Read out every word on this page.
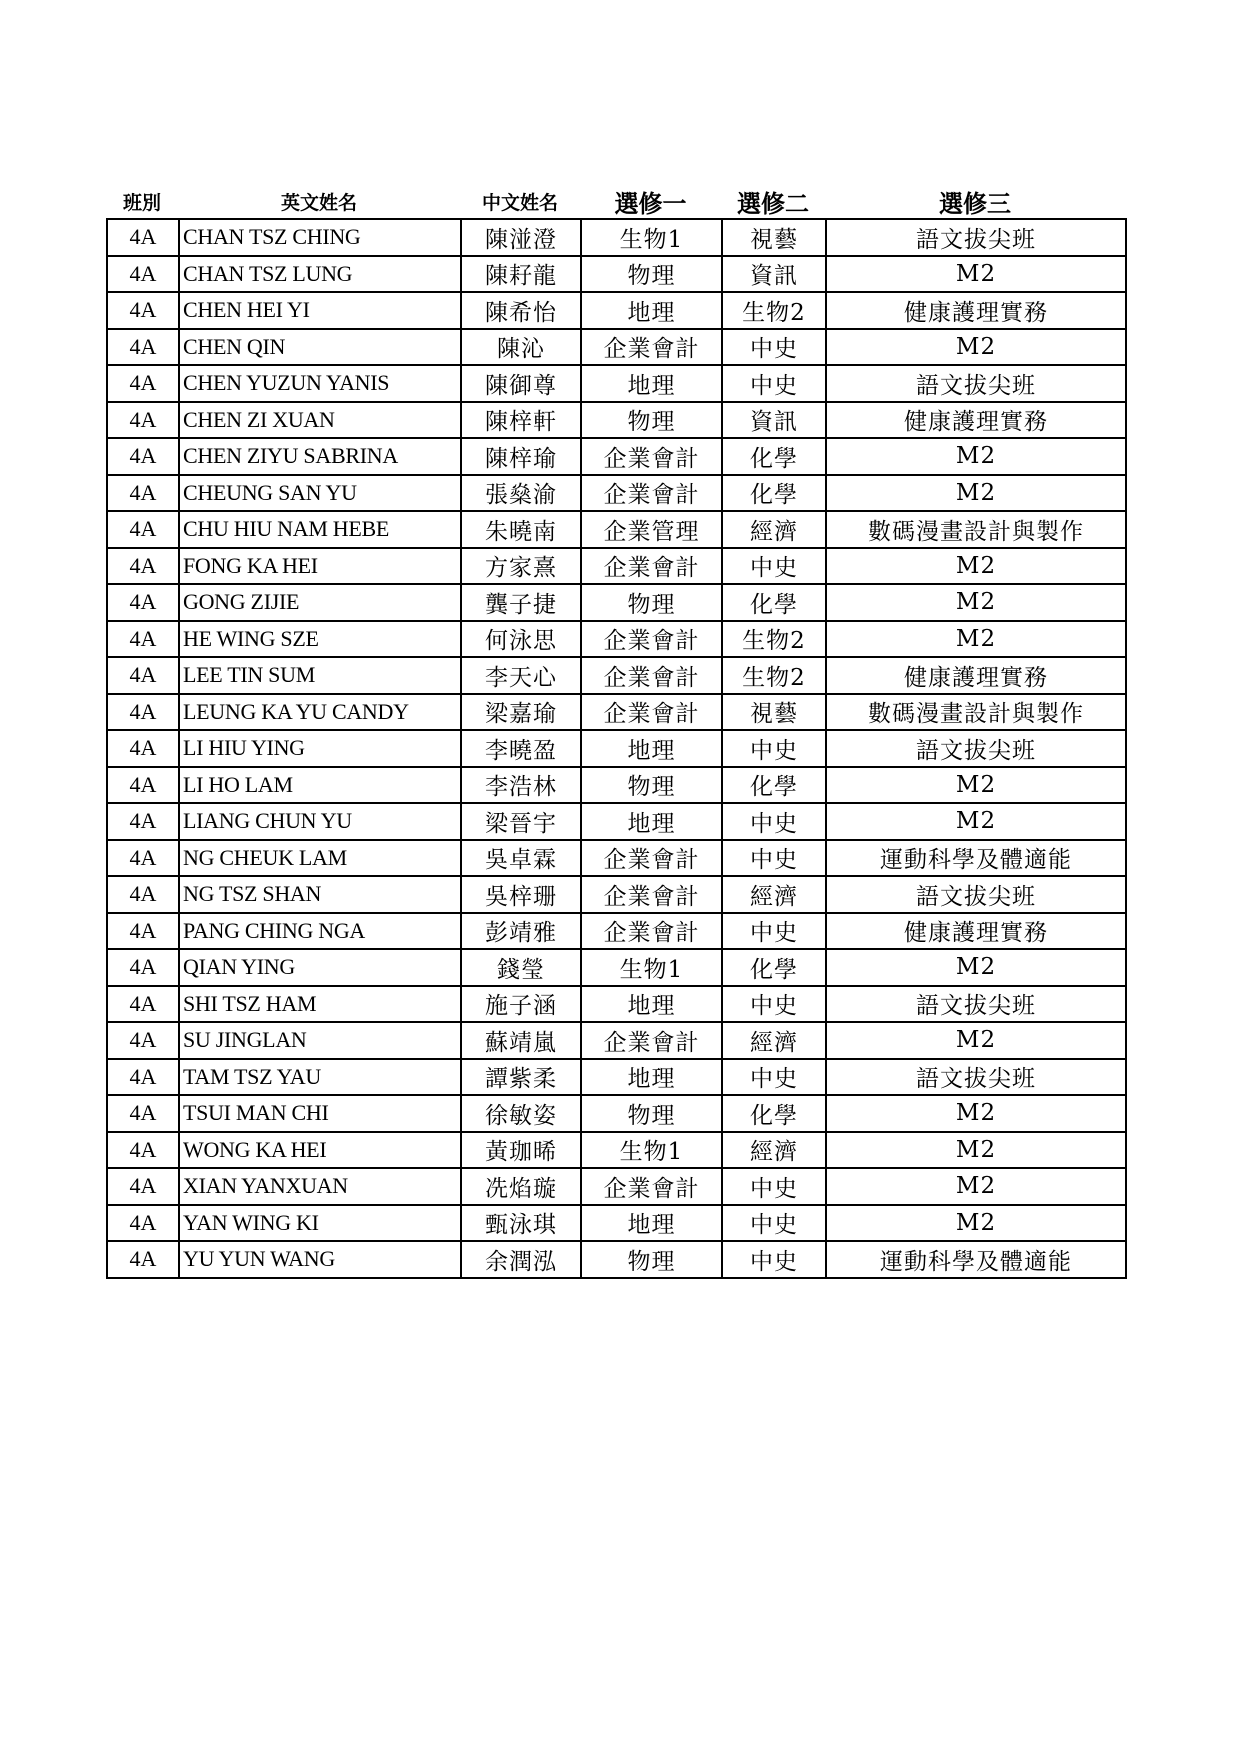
班別	英文姓名	中文姓名	選修一	選修二	選修三
4A	CHAN TSZ CHING	陳湴澄	生物1	視藝	語文拔尖班
4A	CHAN TSZ LUNG	陳耔龍	物理	資訊	M2
4A	CHEN HEI YI	陳希怡	地理	生物2	健康護理實務
4A	CHEN QIN	陳沁	企業會計	中史	M2
4A	CHEN YUZUN YANIS	陳御尊	地理	中史	語文拔尖班
4A	CHEN ZI XUAN	陳梓軒	物理	資訊	健康護理實務
4A	CHEN ZIYU SABRINA	陳梓瑜	企業會計	化學	M2
4A	CHEUNG SAN YU	張燊渝	企業會計	化學	M2
4A	CHU HIU NAM HEBE	朱曉南	企業管理	經濟	數碼漫畫設計與製作
4A	FONG KA HEI	方家熹	企業會計	中史	M2
4A	GONG ZIJIE	龔子捷	物理	化學	M2
4A	HE WING SZE	何泳思	企業會計	生物2	M2
4A	LEE TIN SUM	李天心	企業會計	生物2	健康護理實務
4A	LEUNG KA YU CANDY	梁嘉瑜	企業會計	視藝	數碼漫畫設計與製作
4A	LI HIU YING	李曉盈	地理	中史	語文拔尖班
4A	LI HO LAM	李浩林	物理	化學	M2
4A	LIANG CHUN YU	梁晉宇	地理	中史	M2
4A	NG CHEUK LAM	吳卓霖	企業會計	中史	運動科學及體適能
4A	NG TSZ SHAN	吳梓珊	企業會計	經濟	語文拔尖班
4A	PANG CHING NGA	彭靖雅	企業會計	中史	健康護理實務
4A	QIAN YING	錢瑩	生物1	化學	M2
4A	SHI TSZ HAM	施子涵	地理	中史	語文拔尖班
4A	SU JINGLAN	蘇靖嵐	企業會計	經濟	M2
4A	TAM TSZ YAU	譚紫柔	地理	中史	語文拔尖班
4A	TSUI MAN CHI	徐敏姿	物理	化學	M2
4A	WONG KA HEI	黃珈晞	生物1	經濟	M2
4A	XIAN YANXUAN	冼焰璇	企業會計	中史	M2
4A	YAN WING KI	甄泳琪	地理	中史	M2
4A	YU YUN WANG	余潤泓	物理	中史	運動科學及體適能
